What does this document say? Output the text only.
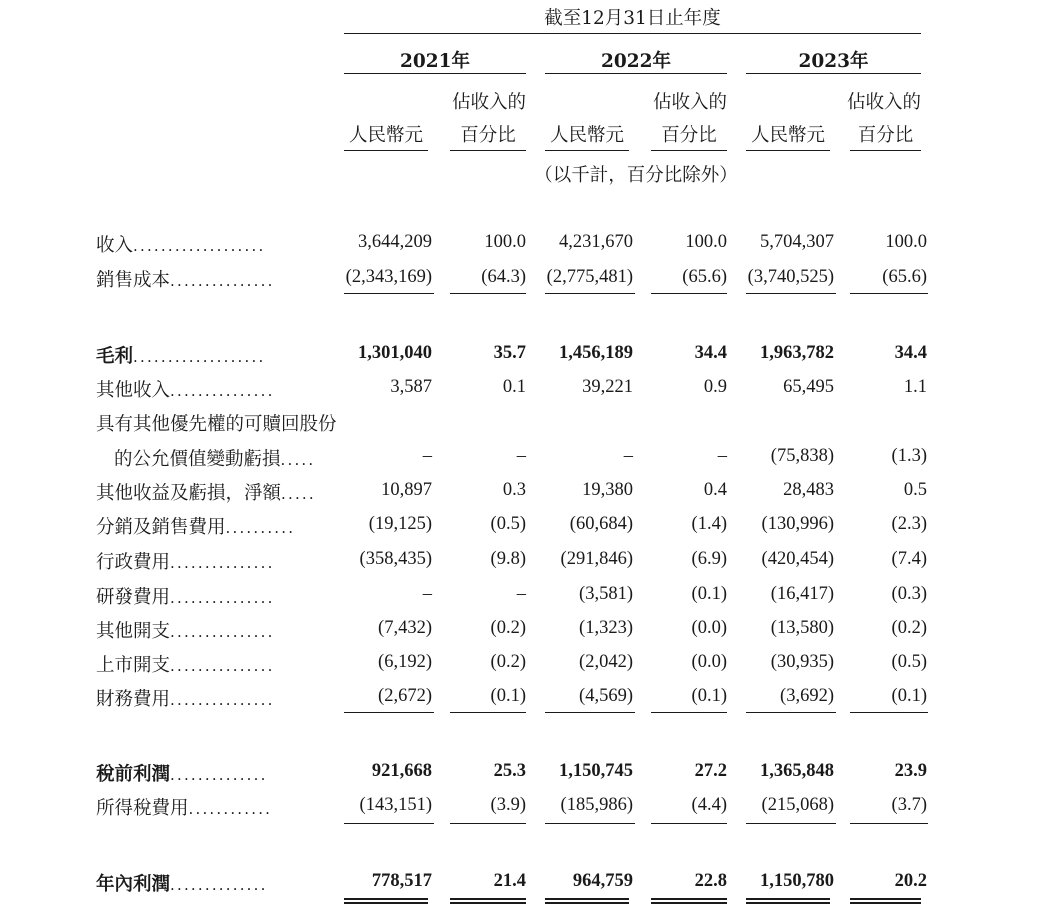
截至12月31日止年度
2021年	2022年	2023年
佔收入的	佔收入的	佔收入的
人民幣元	百分比	人民幣元	百分比	人民幣元	百分比
（以千計，百分比除外）
收入...................	3,644,209	100.0	4,231,670	100.0	5,704,307	100.0
銷售成本...............	(2,343,169)	(64.3)	(2,775,481)	(65.6)	(3,740,525)	(65.6)
毛利...................	1,301,040	35.7	1,456,189	34.4	1,963,782	34.4
其他收入...............	3,587	0.1	39,221	0.9	65,495	1.1
具有其他優先權的可贖回股份
的公允價值變動虧損.....	–	–	–	–	(75,838)	(1.3)
其他收益及虧損，淨額.....	10,897	0.3	19,380	0.4	28,483	0.5
分銷及銷售費用..........	(19,125)	(0.5)	(60,684)	(1.4)	(130,996)	(2.3)
行政費用...............	(358,435)	(9.8)	(291,846)	(6.9)	(420,454)	(7.4)
研發費用...............	–	–	(3,581)	(0.1)	(16,417)	(0.3)
其他開支...............	(7,432)	(0.2)	(1,323)	(0.0)	(13,580)	(0.2)
上市開支...............	(6,192)	(0.2)	(2,042)	(0.0)	(30,935)	(0.5)
財務費用...............	(2,672)	(0.1)	(4,569)	(0.1)	(3,692)	(0.1)
稅前利潤..............	921,668	25.3	1,150,745	27.2	1,365,848	23.9
所得稅費用............	(143,151)	(3.9)	(185,986)	(4.4)	(215,068)	(3.7)
年內利潤..............	778,517	21.4	964,759	22.8	1,150,780	20.2
